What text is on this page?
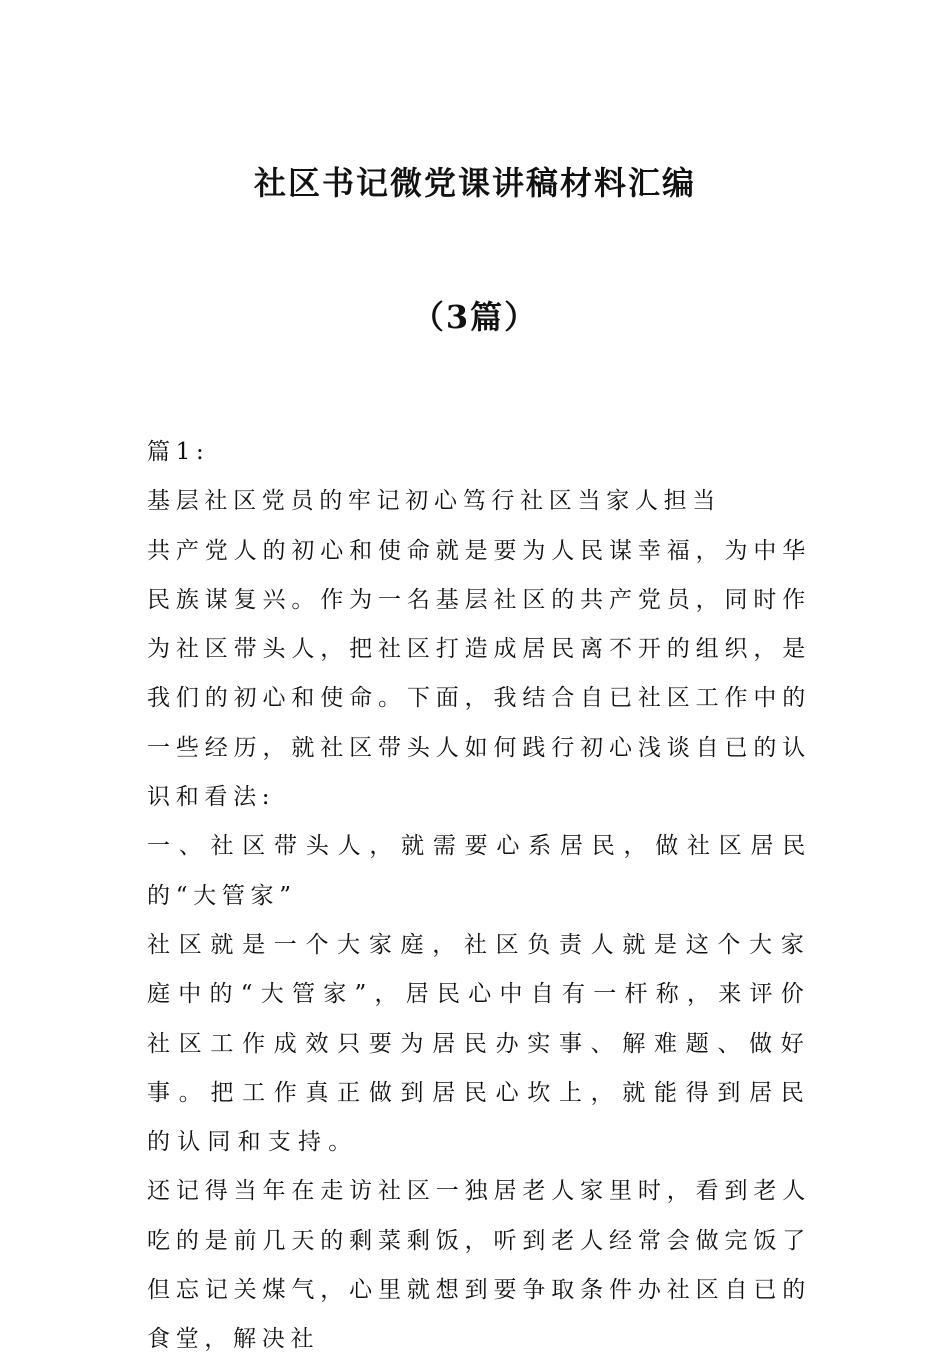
社区书记微党课讲稿材料汇编
（3篇）

篇1:

基层社区党员的牢记初心笃行社区当家人担当

共产党人的初心和使命就是要为人民谋幸福，为中华民族谋复兴。作为一名基层社区的共产党员，同时作为社区带头人，把社区打造成居民离不开的组织，是我们的初心和使命。下面，我结合自已社区工作中的一些经历，就社区带头人如何践行初心浅谈自已的认识和看法:

一、社区带头人，就需要心系居民，做社区居民的“大管家”

社区就是一个大家庭，社区负责人就是这个大家庭中的“大管家”，居民心中自有一杆称，来评价社区工作成效只要为居民办实事、解难题、做好事。把工作真正做到居民心坎上，就能得到居民的认同和支持。

还记得当年在走访社区一独居老人家里时，看到老人吃的是前几天的剩菜剩饭，听到老人经常会做完饭了但忘记关煤气，心里就想到要争取条件办社区自已的食堂，解决社
